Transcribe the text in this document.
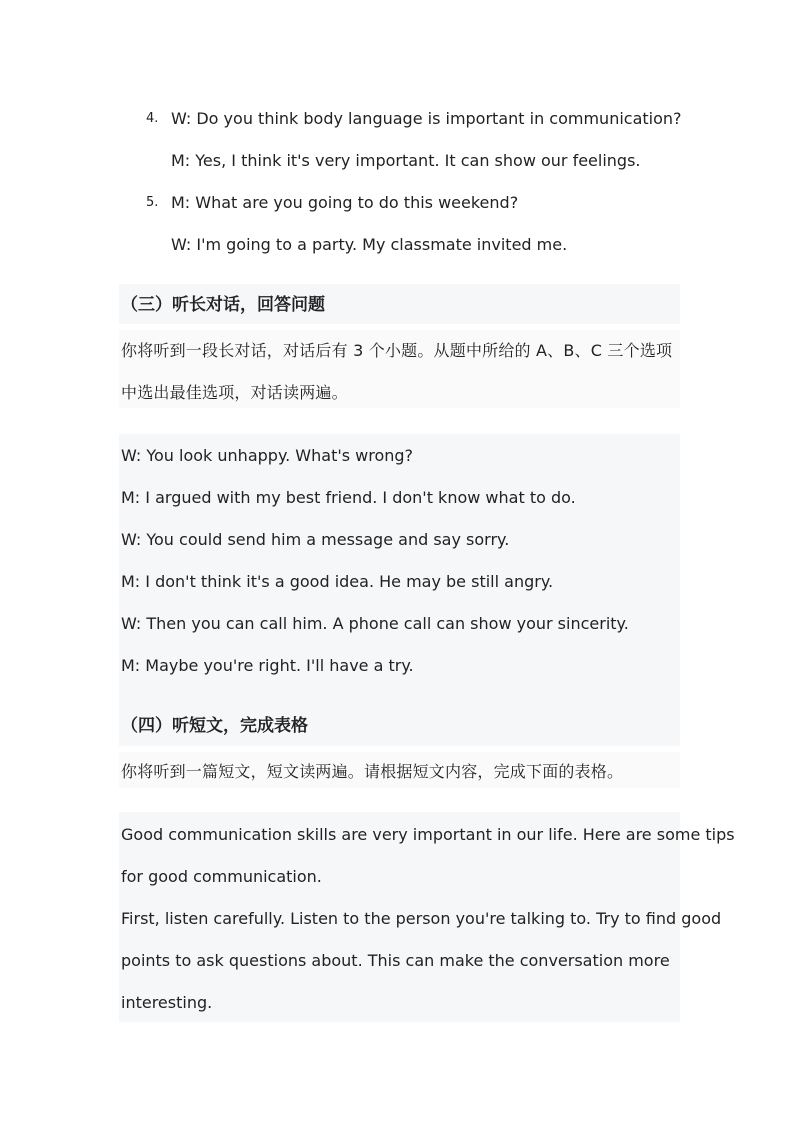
4. W: Do you think body language is important in communication?
M: Yes, I think it's very important. It can show our feelings.
5. M: What are you going to do this weekend?
W: I'm going to a party. My classmate invited me.
（三）听长对话，回答问题
你将听到一段长对话，对话后有 3 个小题。从题中所给的 A、B、C 三个选项
中选出最佳选项，对话读两遍。
W: You look unhappy. What's wrong?
M: I argued with my best friend. I don't know what to do.
W: You could send him a message and say sorry.
M: I don't think it's a good idea. He may be still angry.
W: Then you can call him. A phone call can show your sincerity.
M: Maybe you're right. I'll have a try.
（四）听短文，完成表格
你将听到一篇短文，短文读两遍。请根据短文内容，完成下面的表格。
Good communication skills are very important in our life. Here are some tips
for good communication.
First, listen carefully. Listen to the person you're talking to. Try to find good
points to ask questions about. This can make the conversation more
interesting.
